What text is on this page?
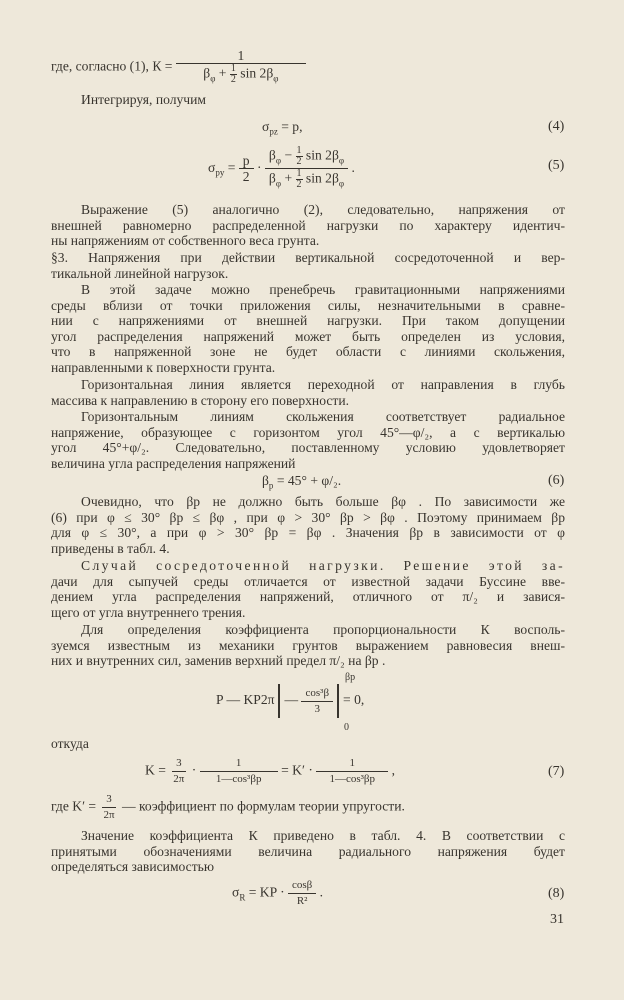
где, согласно (1), $К = \frac{1}{\beta_\varphi + \frac{1}{2} \sin 2\beta_\varphi}$
Интегрируя, получим
$\sigma_{pz} = p$,	(4)
$\sigma_{py} = \frac{p}{2} \cdot \frac{\beta_\varphi - \frac{1}{2} \sin 2\beta_\varphi}{\beta_\varphi + \frac{1}{2} \sin 2\beta_\varphi}$ .	(5)
Выражение (5) аналогично (2), следовательно, напряжения от
внешней равномерно распределенной нагрузки по характеру идентич-
ны напряжениям от собственного веса грунта.
§3. Напряжения при действии вертикальной сосредоточенной и вер-
тикальной линейной нагрузок.
В этой задаче можно пренебречь гравитационными напряжениями
среды вблизи от точки приложения силы, незначительными в сравне-
нии с напряжениями от внешней нагрузки. При таком допущении
угол распределения напряжений может быть определен из условия,
что в напряженной зоне не будет области с линиями скольжения,
направленными к поверхности грунта.
Горизонтальная линия является переходной от направления в глубь
массива к направлению в сторону его поверхности.
Горизонтальным линиям скольжения соответствует радиальное
напряжение, образующее с горизонтом угол 45°—φ/₂, а с вертикалью
угол 45°+φ/₂. Следовательно, поставленному условию удовлетворяет
величина угла распределения напряжений
$\beta_p = 45^\circ + \varphi/_2$.	(6)
Очевидно, что βp не должно быть больше βφ . По зависимости же
(6) при φ ≤ 30° βp ≤ βφ , при φ > 30° βp > βφ . Поэтому принимаем βp
для φ ≤ 30°, а при φ > 30° βp = βφ . Значения βp в зависимости от φ
приведены в табл. 4.
Случай сосредоточенной нагрузки. Решение этой за-
дачи для сыпучей среды отличается от известной задачи Буссине вве-
дением угла распределения напряжений, отличного от π/₂ и завися-
щего от угла внутреннего трения.
Для определения коэффициента пропорциональности К восполь-
зуемся известным из механики грунтов выражением равновесия внеш-
них и внутренних сил, заменив верхний предел π/₂ на βp .
βp
P — KP2π — $\frac{\text{cos³β}}{3} = 0$,
0
откуда
$K = \frac{3}{2\pi} \cdot \frac{1}{\text{1—cos³βp}} = K' \cdot \frac{1}{\text{1—cos³βp}}$ ,	(7)
где $K' = \frac{3}{2\pi}$ — коэффициент по формулам теории упругости.
Значение коэффициента К приведено в табл. 4. В соответствии с
принятыми обозначениями величина радиального напряжения будет
определяться зависимостью
$\sigma_R$ = KP · $\frac{\cos\beta}{\text{R²}}$ .	(8)
31
